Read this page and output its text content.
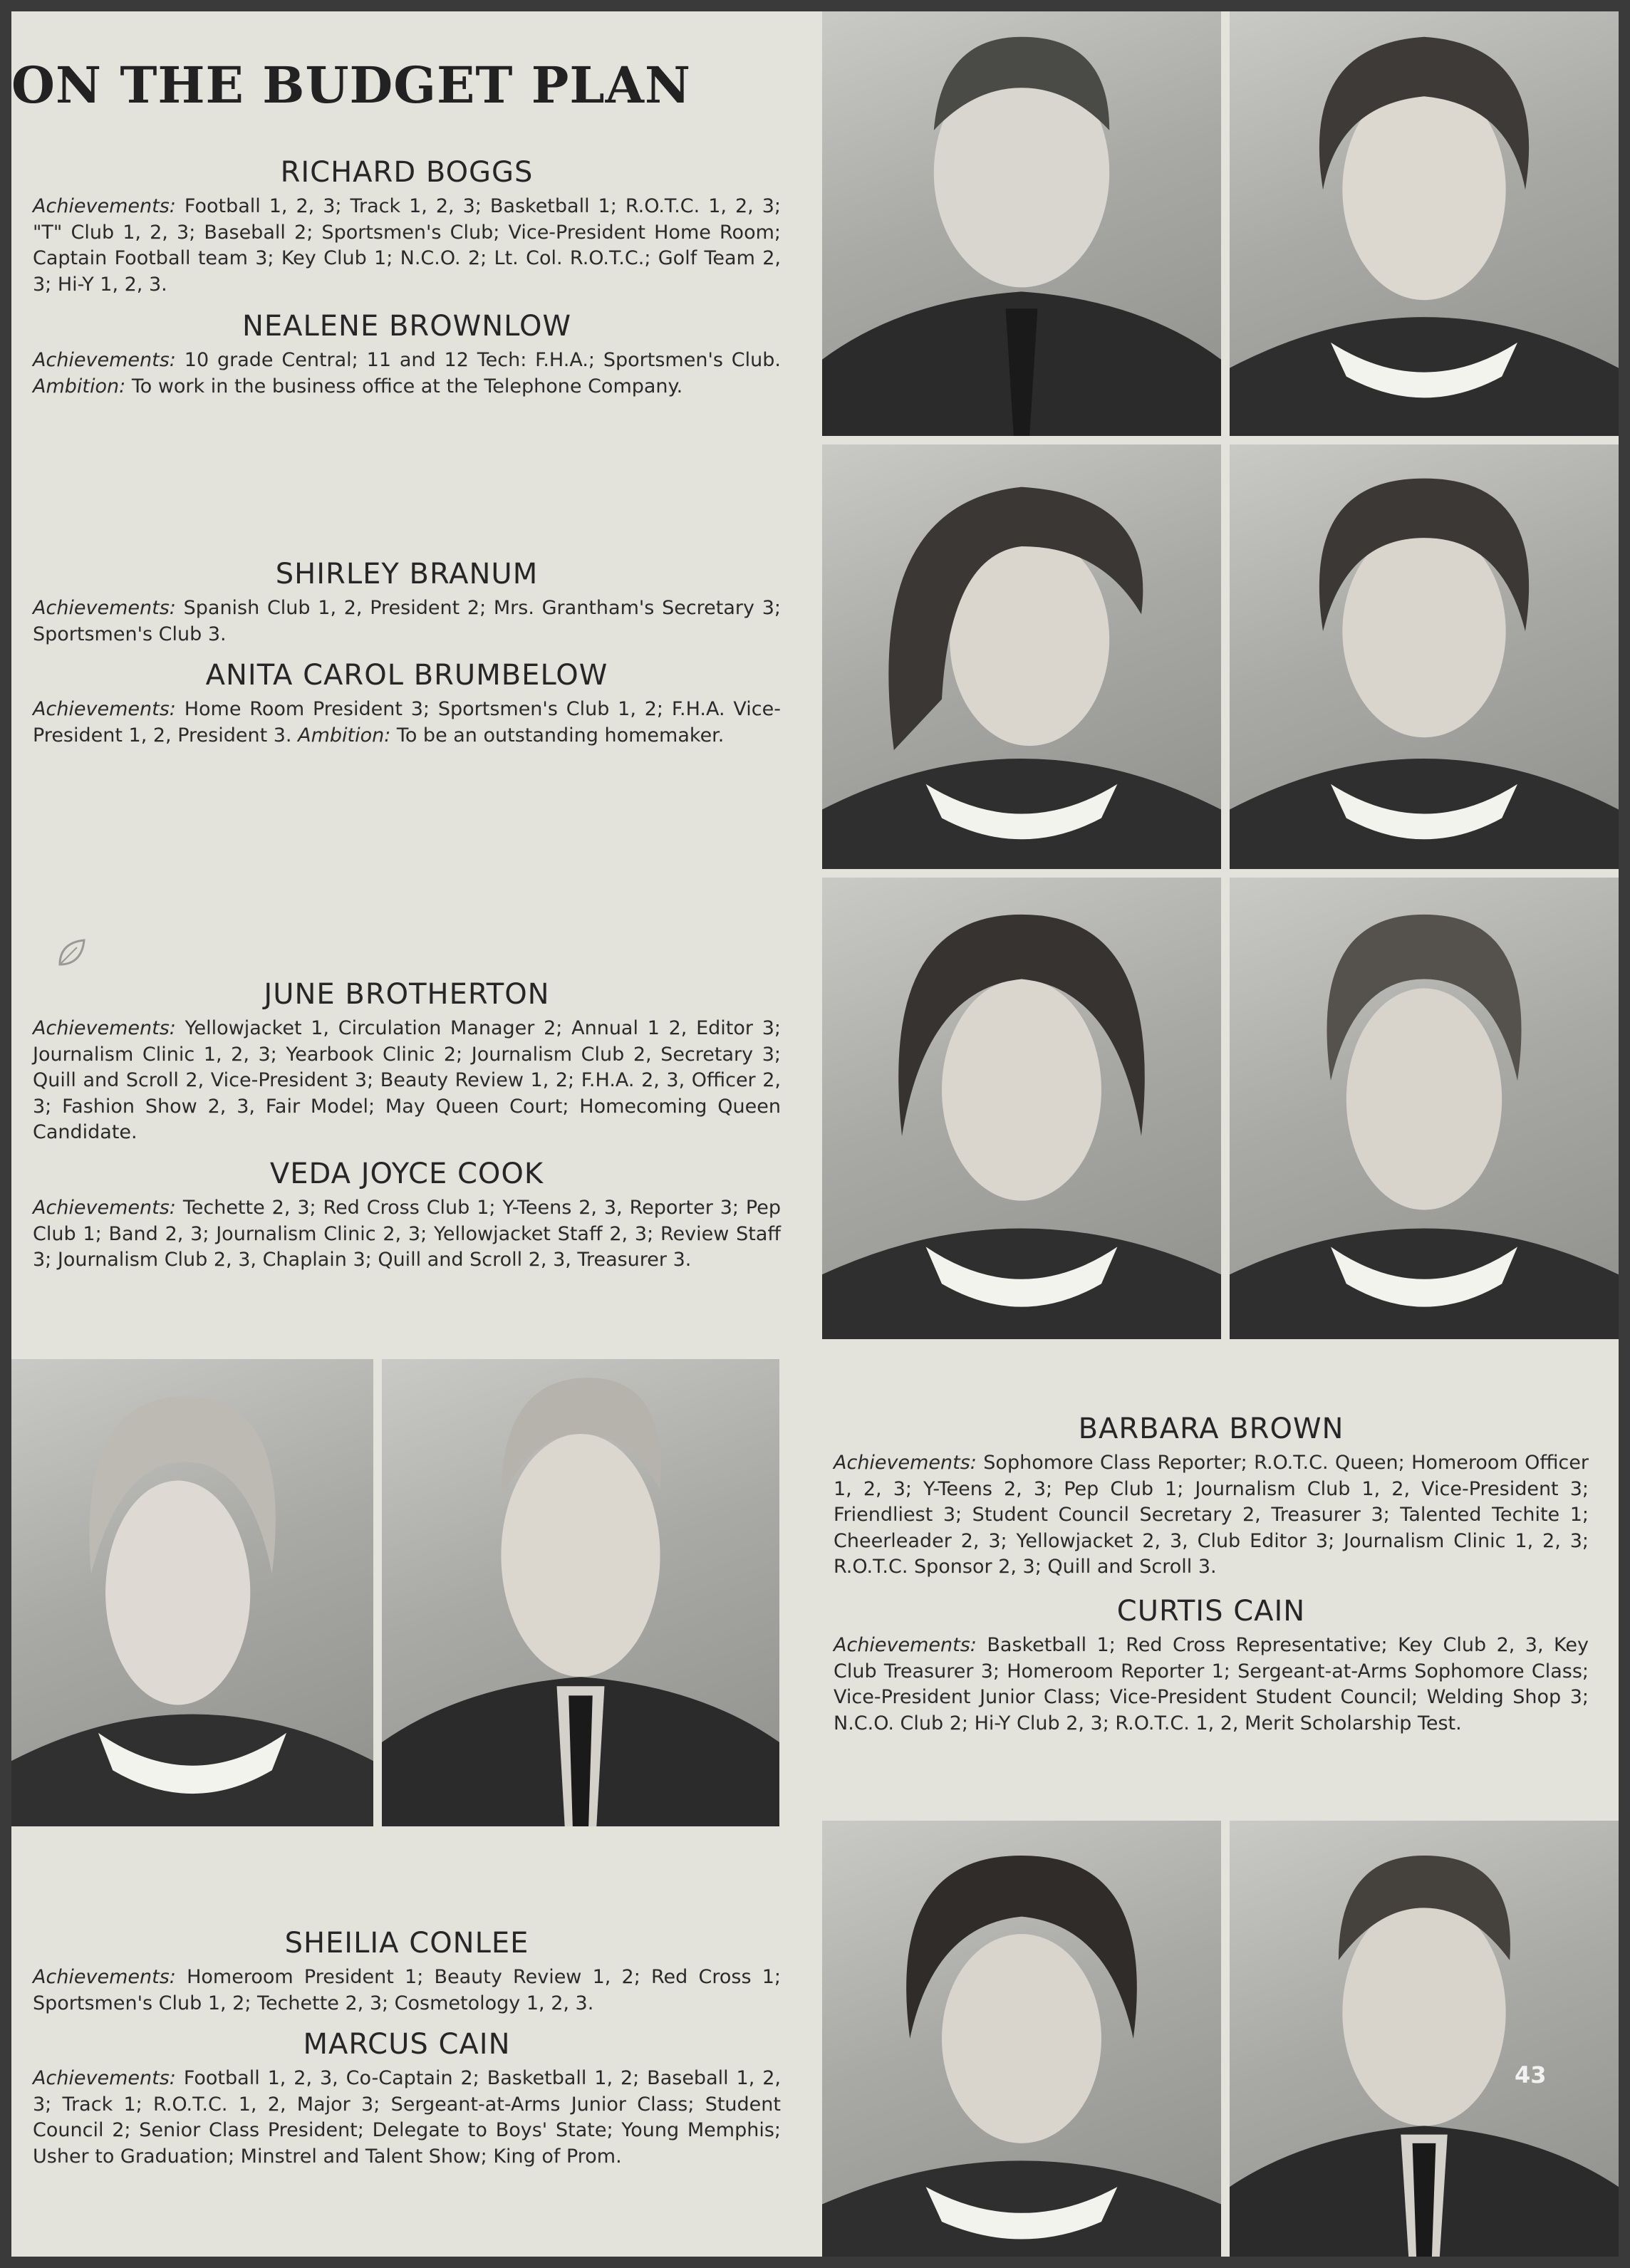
ON THE BUDGET PLAN

RICHARD BOGGS

Achievements: Football 1, 2, 3; Track 1, 2, 3; Basketball 1; R.O.T.C. 1, 2, 3; "T" Club 1, 2, 3; Baseball 2; Sportsmen's Club; Vice-President Home Room; Captain Football team 3; Key Club 1; N.C.O. 2; Lt. Col. R.O.T.C.; Golf Team 2, 3; Hi-Y 1, 2, 3.

NEALENE BROWNLOW

Achievements: 10 grade Central; 11 and 12 Tech: F.H.A.; Sportsmen's Club. Ambition: To work in the business office at the Telephone Company.

SHIRLEY BRANUM

Achievements: Spanish Club 1, 2, President 2; Mrs. Grantham's Secretary 3; Sportsmen's Club 3.

ANITA CAROL BRUMBELOW

Achievements: Home Room President 3; Sportsmen's Club 1, 2; F.H.A. Vice-President 1, 2, President 3. Ambition: To be an outstanding homemaker.

JUNE BROTHERTON

Achievements: Yellowjacket 1, Circulation Manager 2; Annual 1 2, Editor 3; Journalism Clinic 1, 2, 3; Yearbook Clinic 2; Journalism Club 2, Secretary 3; Quill and Scroll 2, Vice-President 3; Beauty Review 1, 2; F.H.A. 2, 3, Officer 2, 3; Fashion Show 2, 3, Fair Model; May Queen Court; Homecoming Queen Candidate.

VEDA JOYCE COOK

Achievements: Techette 2, 3; Red Cross Club 1; Y-Teens 2, 3, Reporter 3; Pep Club 1; Band 2, 3; Journalism Clinic 2, 3; Yellowjacket Staff 2, 3; Review Staff 3; Journalism Club 2, 3, Chaplain 3; Quill and Scroll 2, 3, Treasurer 3.

SHEILIA CONLEE

Achievements: Homeroom President 1; Beauty Review 1, 2; Red Cross 1; Sportsmen's Club 1, 2; Techette 2, 3; Cosmetology 1, 2, 3.

MARCUS CAIN

Achievements: Football 1, 2, 3, Co-Captain 2; Basketball 1, 2; Baseball 1, 2, 3; Track 1; R.O.T.C. 1, 2, Major 3; Sergeant-at-Arms Junior Class; Student Council 2; Senior Class President; Delegate to Boys' State; Young Memphis; Usher to Graduation; Minstrel and Talent Show; King of Prom.

BARBARA BROWN

Achievements: Sophomore Class Reporter; R.O.T.C. Queen; Homeroom Officer 1, 2, 3; Y-Teens 2, 3; Pep Club 1; Journalism Club 1, 2, Vice-President 3; Friendliest 3; Student Council Secretary 2, Treasurer 3; Talented Techite 1; Cheerleader 2, 3; Yellowjacket 2, 3, Club Editor 3; Journalism Clinic 1, 2, 3; R.O.T.C. Sponsor 2, 3; Quill and Scroll 3.

CURTIS CAIN

Achievements: Basketball 1; Red Cross Representative; Key Club 2, 3, Key Club Treasurer 3; Homeroom Reporter 1; Sergeant-at-Arms Sophomore Class; Vice-President Junior Class; Vice-President Student Council; Welding Shop 3; N.C.O. Club 2; Hi-Y Club 2, 3; R.O.T.C. 1, 2, Merit Scholarship Test.

43
